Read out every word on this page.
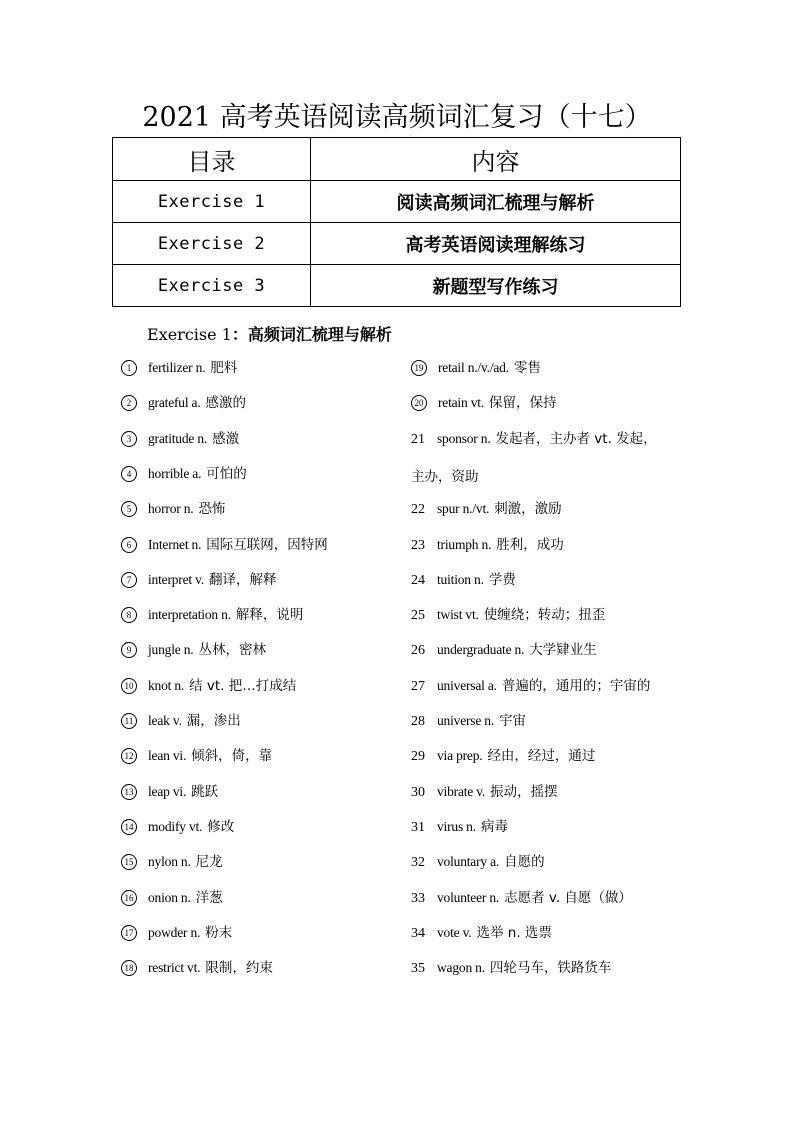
2021 高考英语阅读高频词汇复习（十七）
目录	内容
Exercise 1	阅读高频词汇梳理与解析
Exercise 2	高考英语阅读理解练习
Exercise 3	新题型写作练习
Exercise 1：高频词汇梳理与解析
1 fertilizer n. 肥料
2 grateful a. 感激的
3 gratitude n. 感激
4 horrible a. 可怕的
5 horror n. 恐怖
6 Internet n. 国际互联网，因特网
7 interpret v. 翻译，解释
8 interpretation n. 解释，说明
9 jungle n. 丛林，密林
10 knot n. 结 vt. 把…打成结
11 leak v. 漏，渗出
12 lean vi. 倾斜，倚，靠
13 leap vi. 跳跃
14 modify vt. 修改
15 nylon n. 尼龙
16 onion n. 洋葱
17 powder n. 粉末
18 restrict vt. 限制，约束
19 retail n./v./ad. 零售
20 retain vt. 保留，保持
21 sponsor n. 发起者，主办者 vt. 发起，
22 spur n./vt. 刺激，激励
23 triumph n. 胜利，成功
24 tuition n. 学费
25 twist vt. 使缠绕；转动；扭歪
26 undergraduate n. 大学肄业生
27 universal a. 普遍的，通用的；宇宙的
28 universe n. 宇宙
29 via prep. 经由，经过，通过
30 vibrate v. 振动，摇摆
31 virus n. 病毒
32 voluntary a. 自愿的
33 volunteer n. 志愿者 v. 自愿（做）
34 vote v. 选举 n. 选票
35 wagon n. 四轮马车，铁路货车
主办，资助
